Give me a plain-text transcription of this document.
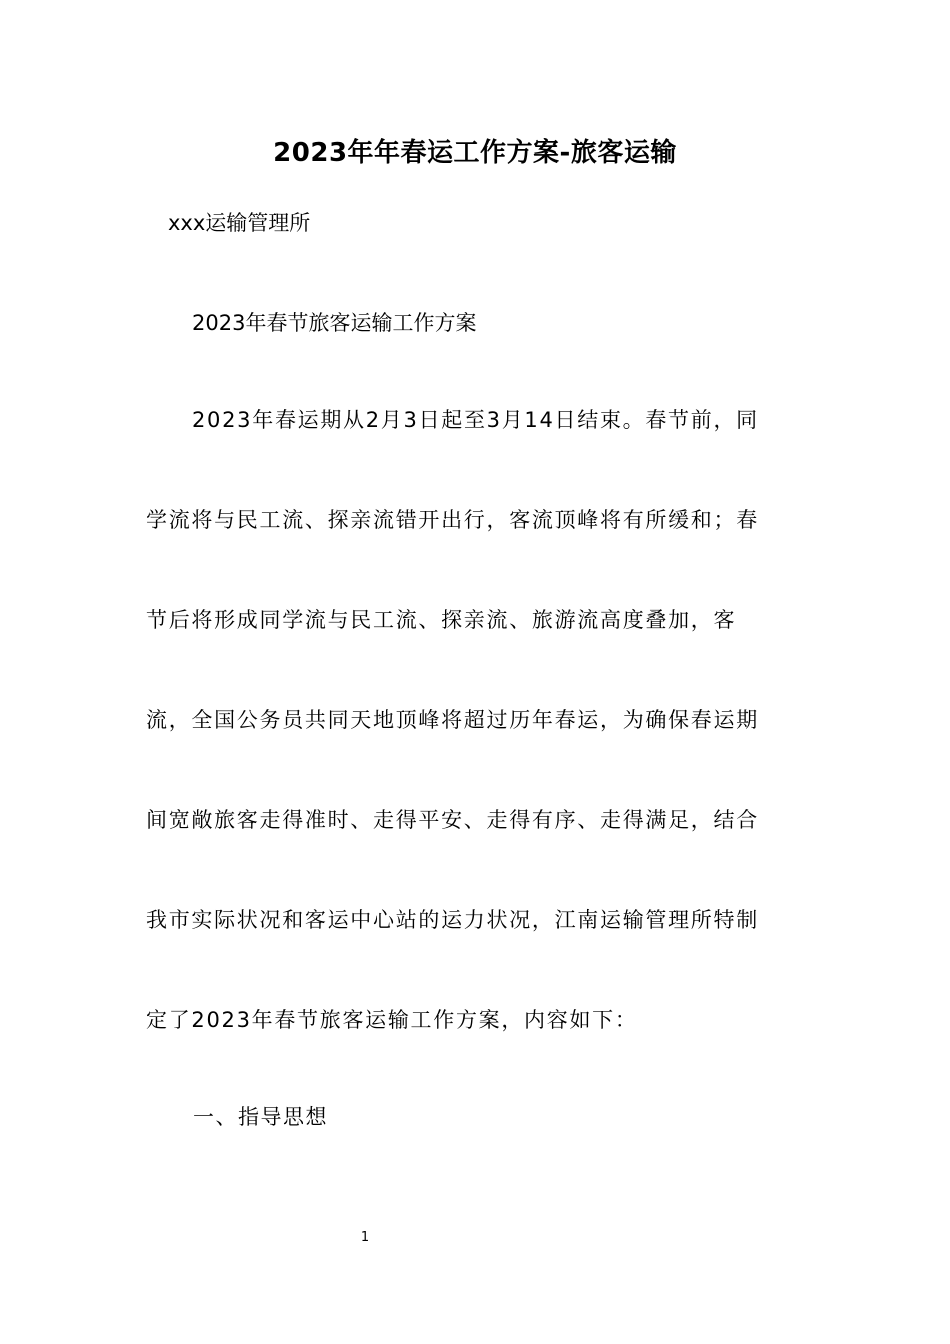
2023年年春运工作方案-旅客运输
xxx运输管理所
2023年春节旅客运输工作方案
2023年春运期从2月3日起至3月14日结束。春节前，同
学流将与民工流、探亲流错开出行，客流顶峰将有所缓和；春
节后将形成同学流与民工流、探亲流、旅游流高度叠加，客
流，全国公务员共同天地顶峰将超过历年春运，为确保春运期
间宽敞旅客走得准时、走得平安、走得有序、走得满足，结合
我市实际状况和客运中心站的运力状况，江南运输管理所特制
定了2023年春节旅客运输工作方案，内容如下：
一、指导思想
1
